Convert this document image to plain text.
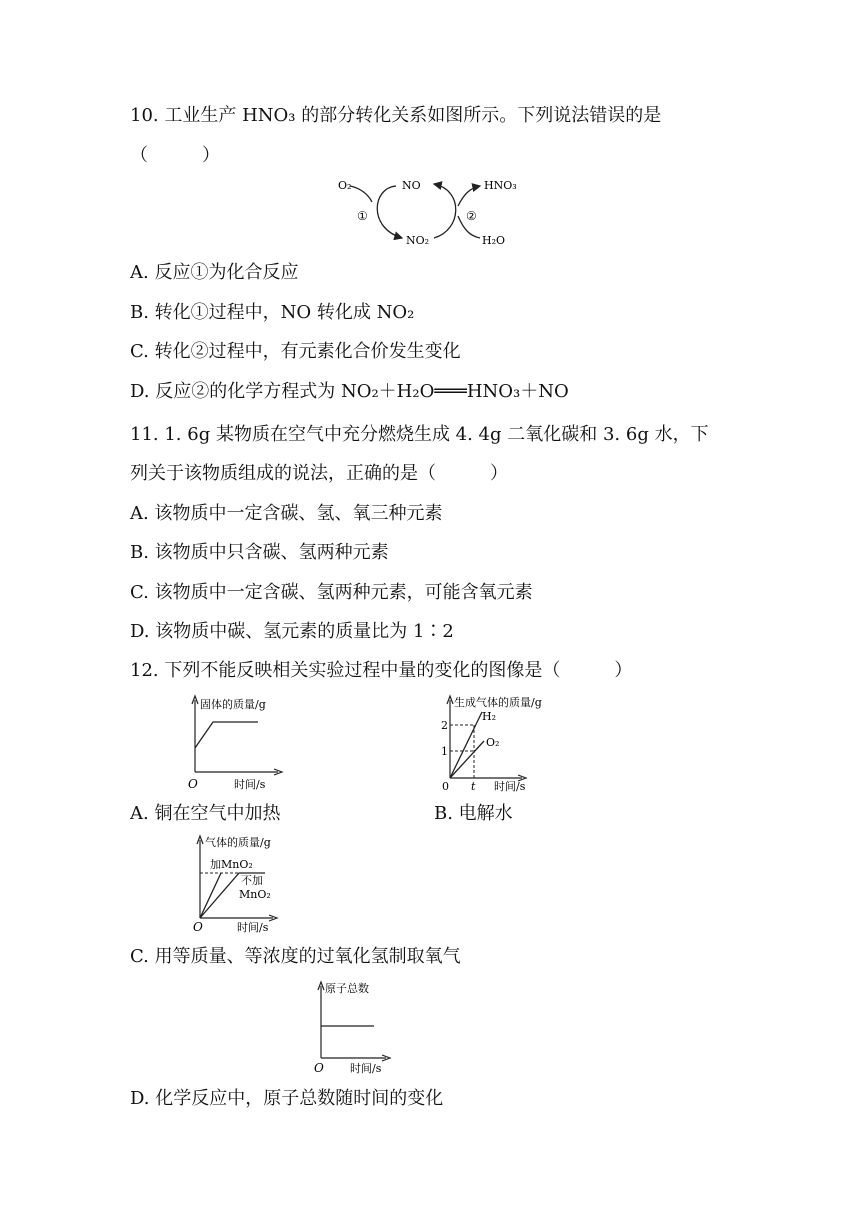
10. 工业生产 HNO₃ 的部分转化关系如图所示。下列说法错误的是
（　　　）
O₂	NO	HNO₃
NO₂	H₂O
①	②
A. 反应①为化合反应
B. 转化①过程中，NO 转化成 NO₂
C. 转化②过程中，有元素化合价发生变化
D. 反应②的化学方程式为 NO₂＋H₂O═══HNO₃＋NO
11. 1. 6g 某物质在空气中充分燃烧生成 4. 4g 二氧化碳和 3. 6g 水，下
列关于该物质组成的说法，正确的是（　　　）
A. 该物质中一定含碳、氢、氧三种元素
B. 该物质中只含碳、氢两种元素
C. 该物质中一定含碳、氢两种元素，可能含氧元素
D. 该物质中碳、氢元素的质量比为 1∶2
12. 下列不能反映相关实验过程中量的变化的图像是（　　　）
固体的质量/g
时间/s
O
A. 铜在空气中加热
生成气体的质量/g
H₂
O₂
2
1
0 t 时间/s
B. 电解水
气体的质量/g
加MnO₂
不加
MnO₂
O	时间/s
C. 用等质量、等浓度的过氧化氢制取氧气
原子总数
O 时间/s
D. 化学反应中，原子总数随时间的变化
